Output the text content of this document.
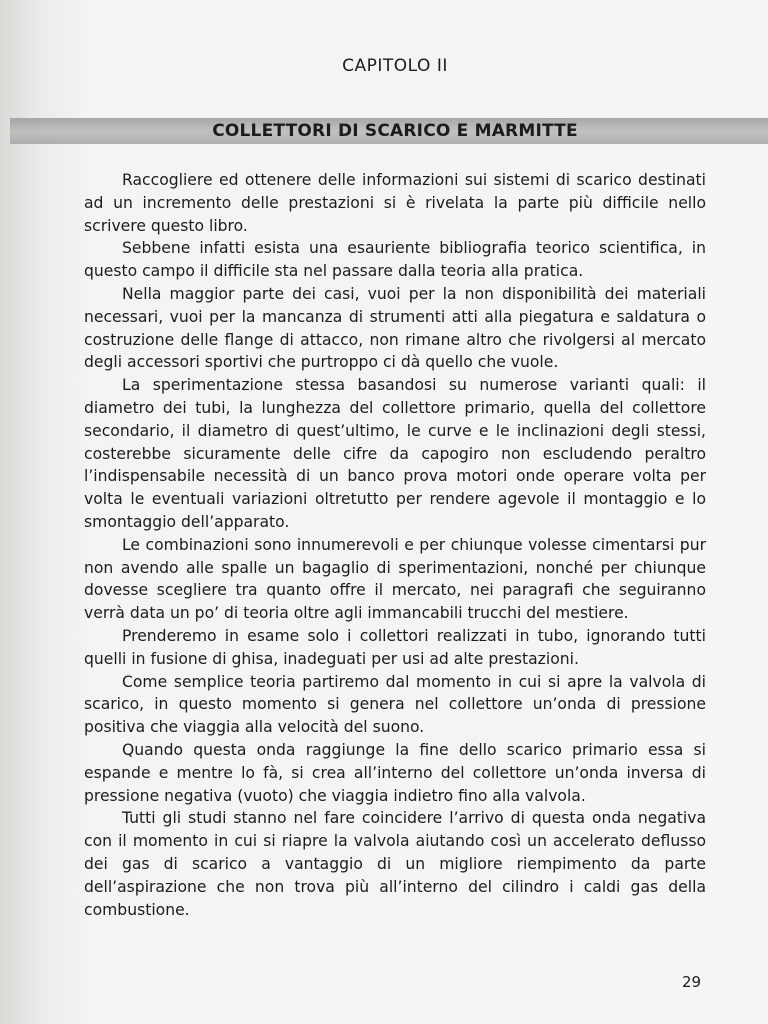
CAPITOLO II
COLLETTORI DI SCARICO E MARMITTE

Raccogliere ed ottenere delle informazioni sui sistemi di scarico destinati ad un incremento delle prestazioni si è rivelata la parte più difficile nello scrivere questo libro.

Sebbene infatti esista una esauriente bibliografia teorico scientifica, in questo campo il difficile sta nel passare dalla teoria alla pratica.

Nella maggior parte dei casi, vuoi per la non disponibilità dei materiali necessari, vuoi per la mancanza di strumenti atti alla piegatura e saldatura o costruzione delle flange di attacco, non rimane altro che rivolgersi al mercato degli accessori sportivi che purtroppo ci dà quello che vuole.

La sperimentazione stessa basandosi su numerose varianti quali: il diametro dei tubi, la lunghezza del collettore primario, quella del collettore secondario, il diametro di quest’ultimo, le curve e le inclinazioni degli stessi, costerebbe sicuramente delle cifre da capogiro non escludendo peraltro l’indispensabile necessità di un banco prova motori onde operare volta per volta le eventuali variazioni oltretutto per rendere agevole il montaggio e lo smontaggio dell’apparato.

Le combinazioni sono innumerevoli e per chiunque volesse cimentarsi pur non avendo alle spalle un bagaglio di sperimentazioni, nonché per chiunque dovesse scegliere tra quanto offre il mercato, nei paragrafi che seguiranno verrà data un po’ di teoria oltre agli immancabili trucchi del mestiere.

Prenderemo in esame solo i collettori realizzati in tubo, ignorando tutti quelli in fusione di ghisa, inadeguati per usi ad alte prestazioni.

Come semplice teoria partiremo dal momento in cui si apre la valvola di scarico, in questo momento si genera nel collettore un’onda di pressione positiva che viaggia alla velocità del suono.

Quando questa onda raggiunge la fine dello scarico primario essa si espande e mentre lo fà, si crea all’interno del collettore un’onda inversa di pressione negativa (vuoto) che viaggia indietro fino alla valvola.

Tutti gli studi stanno nel fare coincidere l’arrivo di questa onda negativa con il momento in cui si riapre la valvola aiutando così un accelerato deflusso dei gas di scarico a vantaggio di un migliore riempimento da parte dell’aspirazione che non trova più all’interno del cilindro i caldi gas della combustione.

29
